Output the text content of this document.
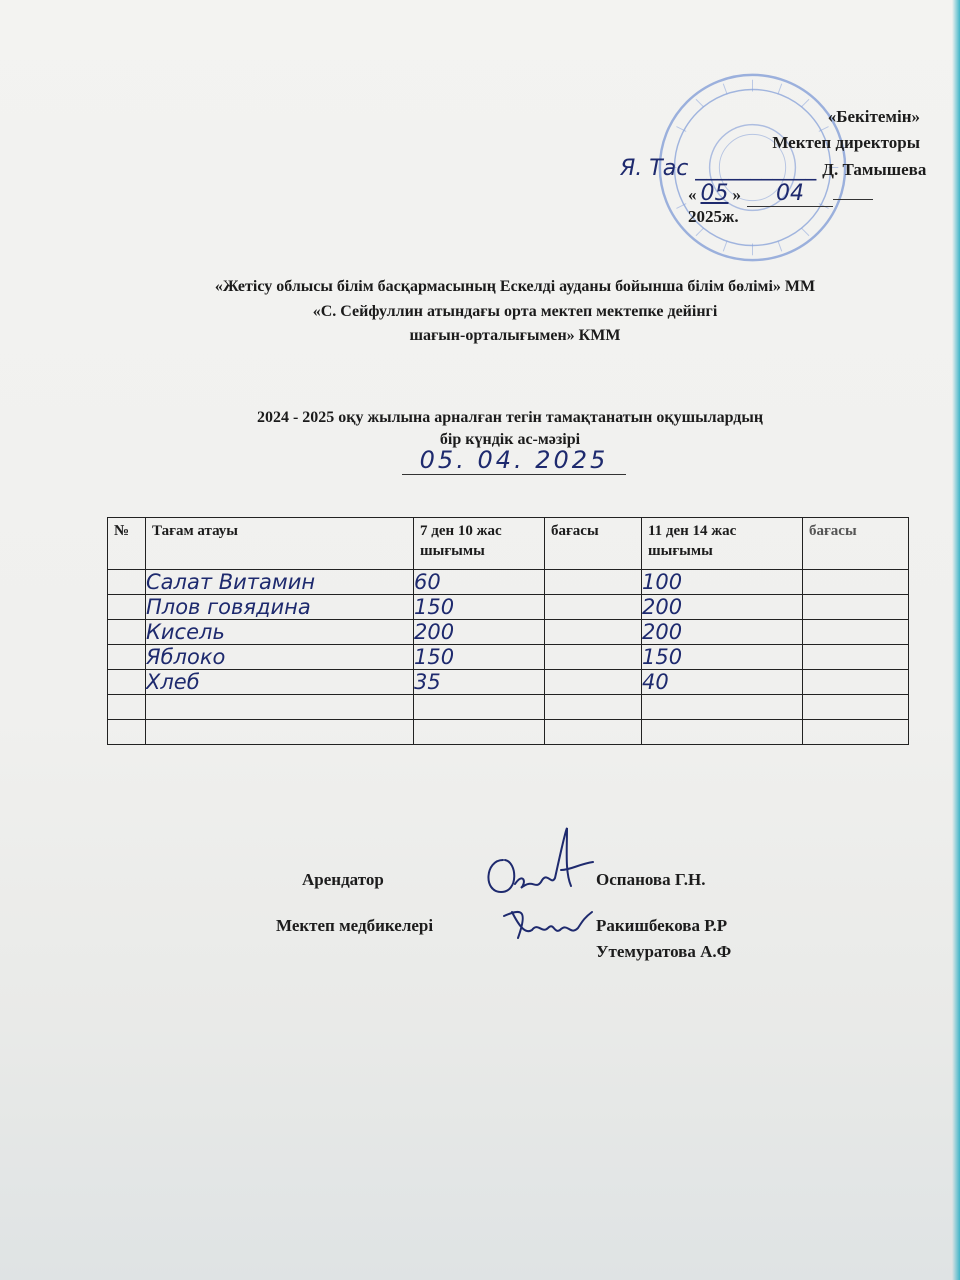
«Бекітемін»
Мектеп директоры
Я. Тас ___________ Д. Тамышева
« 05 » 042025ж.
«Жетісу облысы білім басқармасының Ескелді ауданы бойынша білім бөлімі» ММ
«С. Сейфуллин атындағы орта мектеп мектепке дейінгі
шағын-орталығымен» КММ
2024 - 2025 оқу жылына арналған тегін тамақтанатын оқушылардың
бір күндік ас-мәзірі
05. 04. 2025
№	Тағам атауы	7 ден 10 жас шығымы	бағасы	11 ден 14 жас шығымы	бағасы
	Салат Витамин	60		100	
	Плов говядина	150		200	
	Кисель	200		200	
	Яблоко	150		150	
	Хлеб	35		40	

Арендатор	Оспанова Г.Н.
Мектеп медбикелері	Ракишбекова Р.Р
Утемуратова А.Ф
